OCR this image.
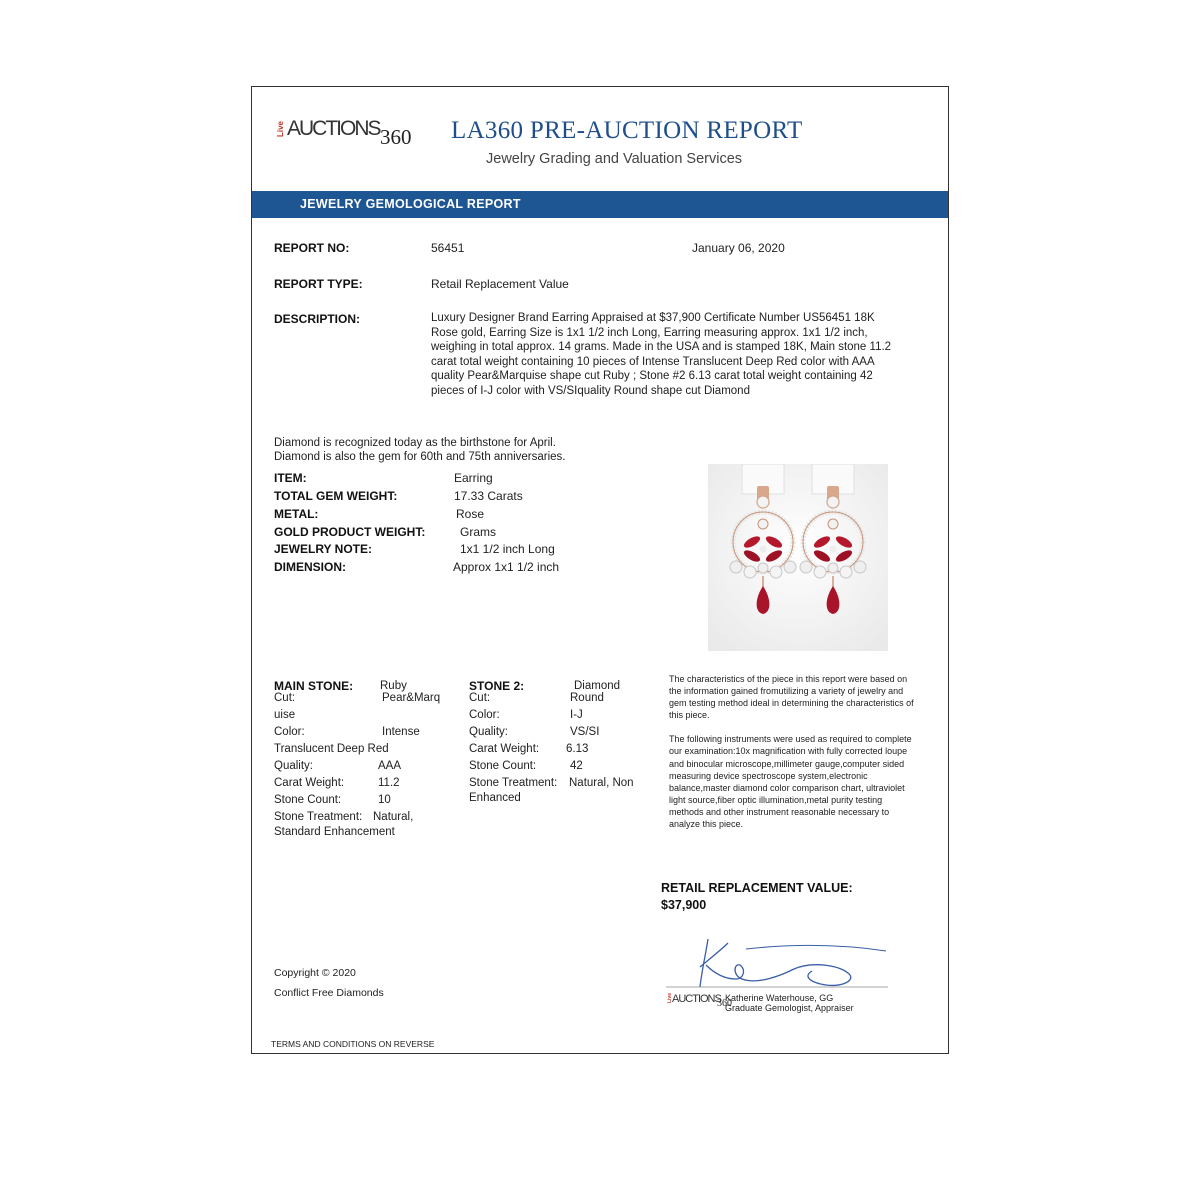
Live AUCTIONS 360 LA360 PRE-AUCTION REPORT
Jewelry Grading and Valuation Services
JEWELRY GEMOLOGICAL REPORT
REPORT NO:	56451	January 06, 2020
REPORT TYPE:	Retail Replacement Value
DESCRIPTION:	Luxury Designer Brand Earring Appraised at $37,900 Certificate Number US56451 18K Rose gold, Earring Size is 1x1 1/2 inch Long, Earring measuring approx. 1x1 1/2 inch, weighing in total approx. 14 grams. Made in the USA and is stamped 18K, Main stone 11.2 carat total weight containing 10 pieces of Intense Translucent Deep Red color with AAA quality Pear&Marquise shape cut Ruby ; Stone #2 6.13 carat total weight containing 42 pieces of I-J color with VS/SIquality Round shape cut Diamond
Diamond is recognized today as the birthstone for April.
Diamond is also the gem for 60th and 75th anniversaries.
ITEM:	Earring
TOTAL GEM WEIGHT:	17.33 Carats
METAL:	Rose
GOLD PRODUCT WEIGHT:	Grams
JEWELRY NOTE:	1x1 1/2 inch Long
DIMENSION:	Approx 1x1 1/2 inch
MAIN STONE: Ruby
Cut:	Pear&Marq
uise
Color:	Intense
Translucent Deep Red
Quality:	AAA
Carat Weight:	11.2
Stone Count:	10
Stone Treatment: Natural,
Standard Enhancement
STONE 2:	Diamond
Cut:	Round
Color:	I-J
Quality:	VS/SI
Carat Weight: 6.13
Stone Count:	42
Stone Treatment: Natural, Non
Enhanced
The characteristics of the piece in this report were based on the information gained fromutilizing a variety of jewelry and gem testing method ideal in determining the characteristics of this piece.
The following instruments were used as required to complete our examination:10x magnification with fully corrected loupe and binocular microscope,millimeter gauge,computer sided measuring device spectroscope system,electronic balance,master diamond color comparison chart, ultraviolet light source,fiber optic illumination,metal purity testing methods and other instrument reasonable necessary to analyze this piece.
RETAIL REPLACEMENT VALUE:
$37,900
Live AUCTIONS
360
Katherine Waterhouse, GG
Graduate Gemologist, Appraiser
Copyright © 2020
Conflict Free Diamonds
TERMS AND CONDITIONS ON REVERSE
